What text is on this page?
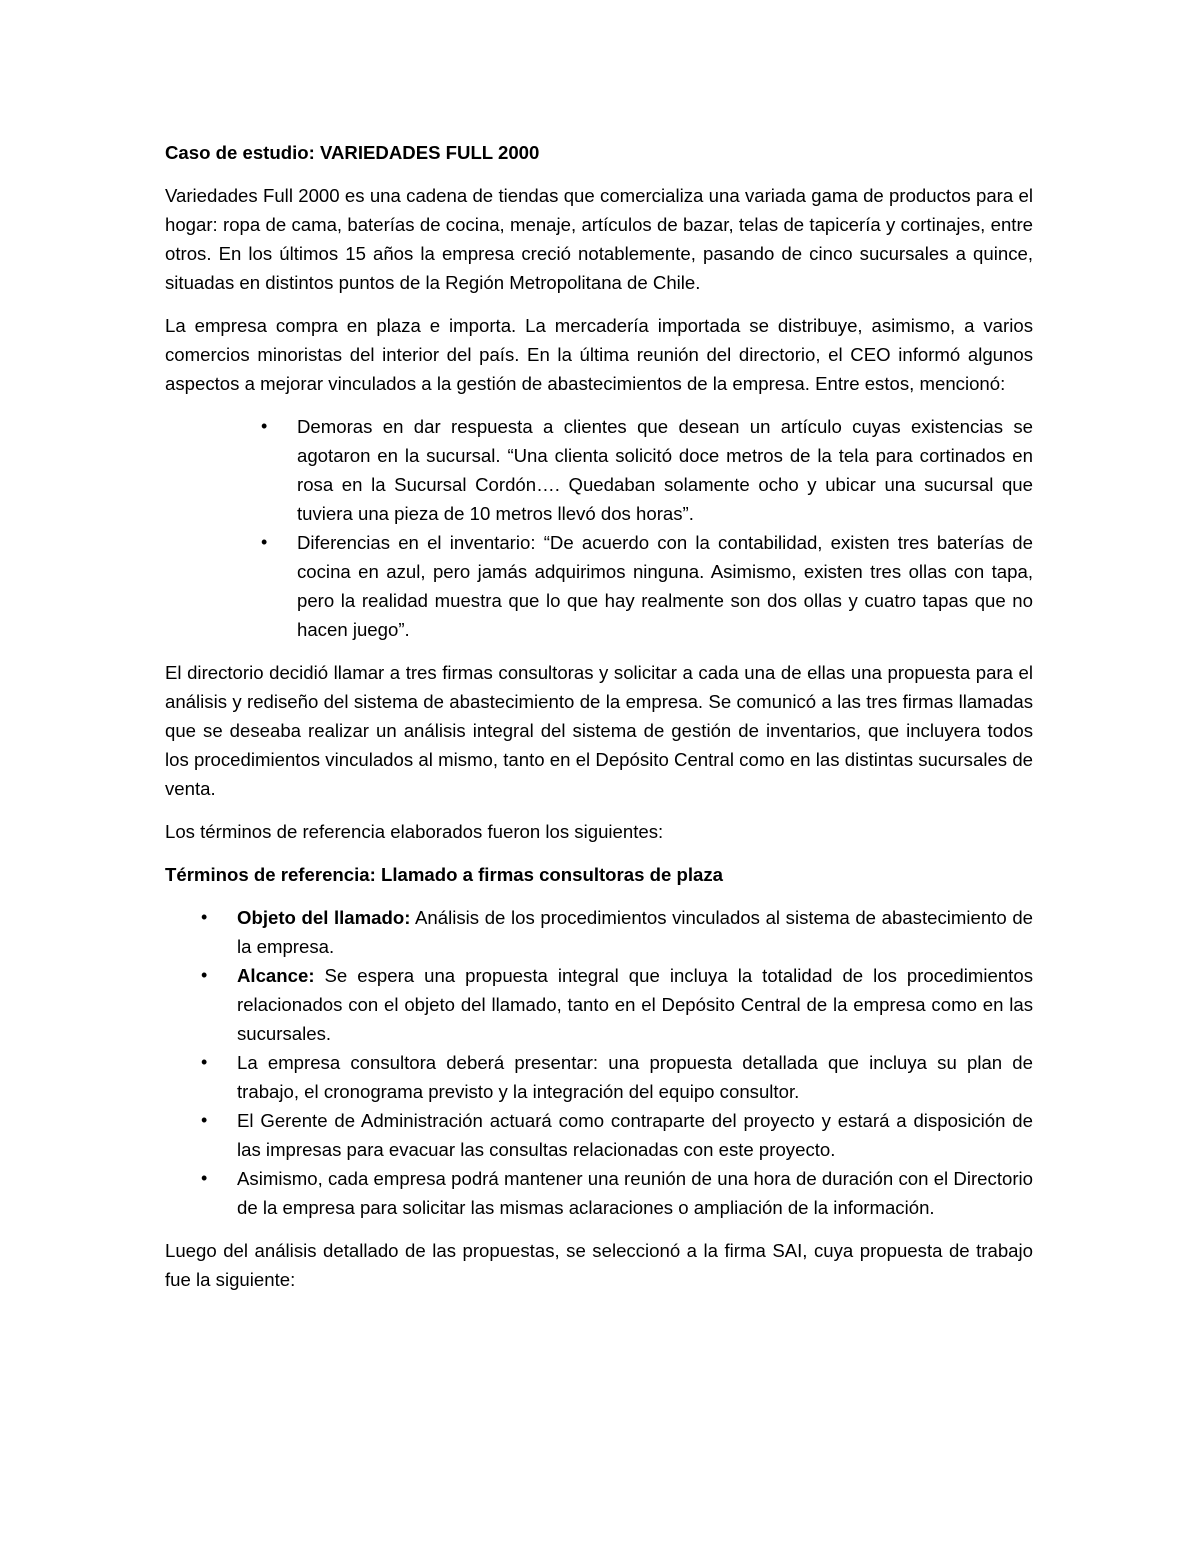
Caso de estudio: VARIEDADES FULL 2000

Variedades Full 2000 es una cadena de tiendas que comercializa una variada gama de productos para el hogar: ropa de cama, baterías de cocina, menaje, artículos de bazar, telas de tapicería y cortinajes, entre otros. En los últimos 15 años la empresa creció notablemente, pasando de cinco sucursales a quince, situadas en distintos puntos de la Región Metropolitana de Chile.

La empresa compra en plaza e importa. La mercadería importada se distribuye, asimismo, a varios comercios minoristas del interior del país. En la última reunión del directorio, el CEO informó algunos aspectos a mejorar vinculados a la gestión de abastecimientos de la empresa. Entre estos, mencionó:

• Demoras en dar respuesta a clientes que desean un artículo cuyas existencias se agotaron en la sucursal. “Una clienta solicitó doce metros de la tela para cortinados en rosa en la Sucursal Cordón…. Quedaban solamente ocho y ubicar una sucursal que tuviera una pieza de 10 metros llevó dos horas”.
• Diferencias en el inventario: “De acuerdo con la contabilidad, existen tres baterías de cocina en azul, pero jamás adquirimos ninguna. Asimismo, existen tres ollas con tapa, pero la realidad muestra que lo que hay realmente son dos ollas y cuatro tapas que no hacen juego”.

El directorio decidió llamar a tres firmas consultoras y solicitar a cada una de ellas una propuesta para el análisis y rediseño del sistema de abastecimiento de la empresa. Se comunicó a las tres firmas llamadas que se deseaba realizar un análisis integral del sistema de gestión de inventarios, que incluyera todos los procedimientos vinculados al mismo, tanto en el Depósito Central como en las distintas sucursales de venta.

Los términos de referencia elaborados fueron los siguientes:

Términos de referencia: Llamado a firmas consultoras de plaza

• Objeto del llamado: Análisis de los procedimientos vinculados al sistema de abastecimiento de la empresa.
• Alcance: Se espera una propuesta integral que incluya la totalidad de los procedimientos relacionados con el objeto del llamado, tanto en el Depósito Central de la empresa como en las sucursales.
• La empresa consultora deberá presentar: una propuesta detallada que incluya su plan de trabajo, el cronograma previsto y la integración del equipo consultor.
• El Gerente de Administración actuará como contraparte del proyecto y estará a disposición de las impresas para evacuar las consultas relacionadas con este proyecto.
• Asimismo, cada empresa podrá mantener una reunión de una hora de duración con el Directorio de la empresa para solicitar las mismas aclaraciones o ampliación de la información.

Luego del análisis detallado de las propuestas, se seleccionó a la firma SAI, cuya propuesta de trabajo fue la siguiente:
